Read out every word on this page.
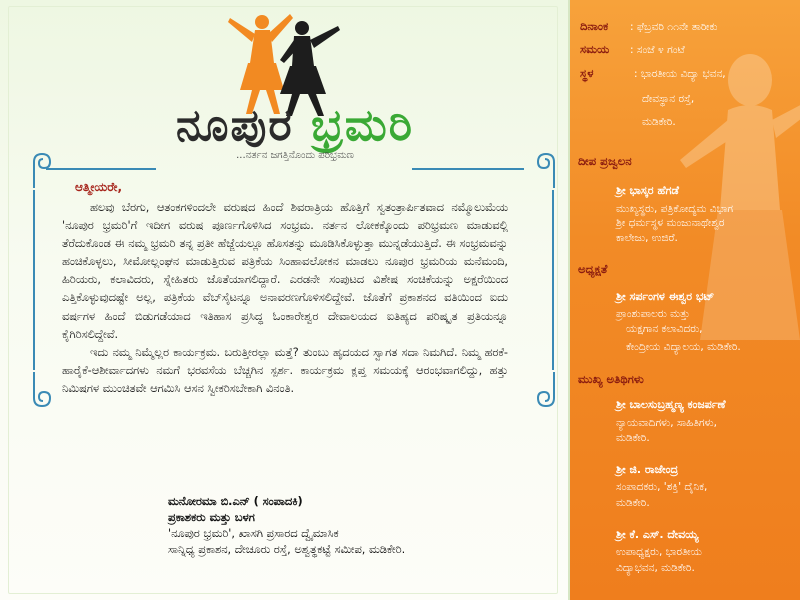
ನೂಪುರ ಭ್ರಮರಿ
...ನರ್ತನ ಜಗತ್ತಿನೊಂದು ಪರಿಭ್ರಮಣ
ಆತ್ಮೀಯರೇ,

ಹಲವು ಬೆರಗು, ಆತಂಕಗಳಿಂದಲೇ ವರುಷದ ಹಿಂದೆ ಶಿವರಾತ್ರಿಯ ಹೊತ್ತಿಗೆ ಸ್ವತಂತ್ರಾರ್ಪಿತವಾದ ನಮ್ಮೊಲುಮೆಯ 'ನೂಪುರ ಭ್ರಮರಿ'ಗೆ ಇದೀಗ ವರುಷ ಪೂರ್ಣಗೊಳಿಸಿದ ಸಂಭ್ರಮ. ನರ್ತನ ಲೋಕಕ್ಕೊಂದು ಪರಿಭ್ರಮಣ ಮಾಡುವಲ್ಲಿ ತೆರೆದುಕೊಂಡ ಈ ನಮ್ಮ ಭ್ರಮರಿ ತನ್ನ ಪ್ರತೀ ಹೆಜ್ಜೆಯಲ್ಲೂ ಹೊಸತನ್ನು ಮೂಡಿಸಿಕೊಳ್ಳುತ್ತಾ ಮುನ್ನಡೆಯುತ್ತಿದೆ. ಈ ಸಂಭ್ರಮವನ್ನು ಹಂಚಿಕೊಳ್ಳಲು, ಸೀಮೋಲ್ಲಂಘನ ಮಾಡುತ್ತಿರುವ ಪತ್ರಿಕೆಯ ಸಿಂಹಾವಲೋಕನ ಮಾಡಲು ನೂಪುರ ಭ್ರಮರಿಯ ಮನೆಮಂದಿ, ಹಿರಿಯರು, ಕಲಾವಿದರು, ಸ್ನೇಹಿತರು ಜೊತೆಯಾಗಲಿದ್ದಾರೆ. ಎರಡನೇ ಸಂಪುಟದ ವಿಶೇಷ ಸಂಚಿಕೆಯನ್ನು ಅಕ್ಷರೆಯಿಂದ ಎತ್ತಿಕೊಳ್ಳುವುದಷ್ಟೇ ಅಲ್ಲ, ಪತ್ರಿಕೆಯ ವೆಬ್‌ಸೈಟನ್ನೂ ಅನಾವರಣಗೊಳಿಸಲಿದ್ದೇವೆ. ಜೊತೆಗೆ ಪ್ರಕಾಶನದ ವತಿಯಿಂದ ಐದು ವರ್ಷಗಳ ಹಿಂದೆ ಬಿಡುಗಡೆಯಾದ ಇತಿಹಾಸ ಪ್ರಸಿದ್ಧ ಓಂಕಾರೇಶ್ವರ ದೇವಾಲಯದ ಐತಿಹ್ಯದ ಪರಿಷ್ಕೃತ ಪ್ರತಿಯನ್ನೂ ಕೈಗಿರಿಸಲಿದ್ದೇವೆ.

ಇದು ನಮ್ಮ ನಿಮ್ಮೆಲ್ಲರ ಕಾರ್ಯಕ್ರಮ. ಬರುತ್ತೀರಲ್ಲಾ ಮತ್ತೆ? ತುಂಬು ಹೃದಯದ ಸ್ವಾಗತ ಸದಾ ನಿಮಗಿದೆ. ನಿಮ್ಮ ಹರಕೆ-ಹಾರೈಕೆ-ಆಶೀರ್ವಾದಗಳು ನಮಗೆ ಭರವಸೆಯ ಬೆಚ್ಚಗಿನ ಸ್ಪರ್ಶ. ಕಾರ್ಯಕ್ರಮ ಕ್ಲಪ್ತ ಸಮಯಕ್ಕೆ ಆರಂಭವಾಗಲಿದ್ದು, ಹತ್ತು ನಿಮಿಷಗಳ ಮುಂಚಿತವೇ ಆಗಮಿಸಿ ಆಸನ ಸ್ವೀಕರಿಸಬೇಕಾಗಿ ವಿನಂತಿ.

ಮನೋರಮಾ ಬಿ.ಎನ್ ( ಸಂಪಾದಕಿ)
ಪ್ರಕಾಶಕರು ಮತ್ತು ಬಳಗ
'ನೂಪುರ ಭ್ರಮರಿ', ಖಾಸಗಿ ಪ್ರಸಾರದ ದ್ವೈಮಾಸಿಕ
ಸಾನ್ನಿಧ್ಯ ಪ್ರಕಾಶನ, ದೇಚೂರು ರಸ್ತೆ, ಅಶ್ವತ್ಥಕಟ್ಟೆ ಸಮೀಪ, ಮಡಿಕೇರಿ.
ದಿನಾಂಕ : ಫೆಬ್ರವರಿ ೧೧ನೇ ತಾರೀಕು
ಸಮಯ : ಸಂಜೆ ೪ ಗಂಟೆ
ಸ್ಥಳ	: ಭಾರತೀಯ ವಿದ್ಯಾ ಭವನ,
ದೇವಸ್ಥಾನ ರಸ್ತೆ,
ಮಡಿಕೇರಿ.
ದೀಪ ಪ್ರಜ್ವಲನ
ಶ್ರೀ ಭಾಸ್ಕರ ಹೆಗಡೆ
ಮುಖ್ಯಸ್ಥರು, ಪತ್ರಿಕೋದ್ಯಮ ವಿಭಾಗ
ಶ್ರೀ ಧರ್ಮಸ್ಥಳ ಮಂಜುನಾಥೇಶ್ವರ
ಕಾಲೇಜು, ಉಜಿರೆ.
ಅಧ್ಯಕ್ಷತೆ
ಶ್ರೀ ಸರ್ಪಂಗಳ ಈಶ್ವರ ಭಟ್
ಪ್ರಾಂಶುಪಾಲರು ಮತ್ತು
ಯಕ್ಷಗಾನ ಕಲಾವಿದರು,
ಕೇಂದ್ರೀಯ ವಿದ್ಯಾಲಯ, ಮಡಿಕೇರಿ.
ಮುಖ್ಯ ಅತಿಥಿಗಳು
ಶ್ರೀ ಬಾಲಸುಬ್ರಹ್ಮಣ್ಯ ಕಂಜರ್ಪಣೆ
ನ್ಯಾಯವಾದಿಗಳು, ಸಾಹಿತಿಗಳು,
ಮಡಿಕೇರಿ.
ಶ್ರೀ ಜಿ. ರಾಜೇಂದ್ರ
ಸಂಪಾದಕರು, 'ಶಕ್ತಿ' ದೈನಿಕ,
ಮಡಿಕೇರಿ.
ಶ್ರೀ ಕೆ. ಎಸ್. ದೇವಯ್ಯ
ಉಪಾಧ್ಯಕ್ಷರು, ಭಾರತೀಯ
ವಿದ್ಯಾಭವನ, ಮಡಿಕೇರಿ.
